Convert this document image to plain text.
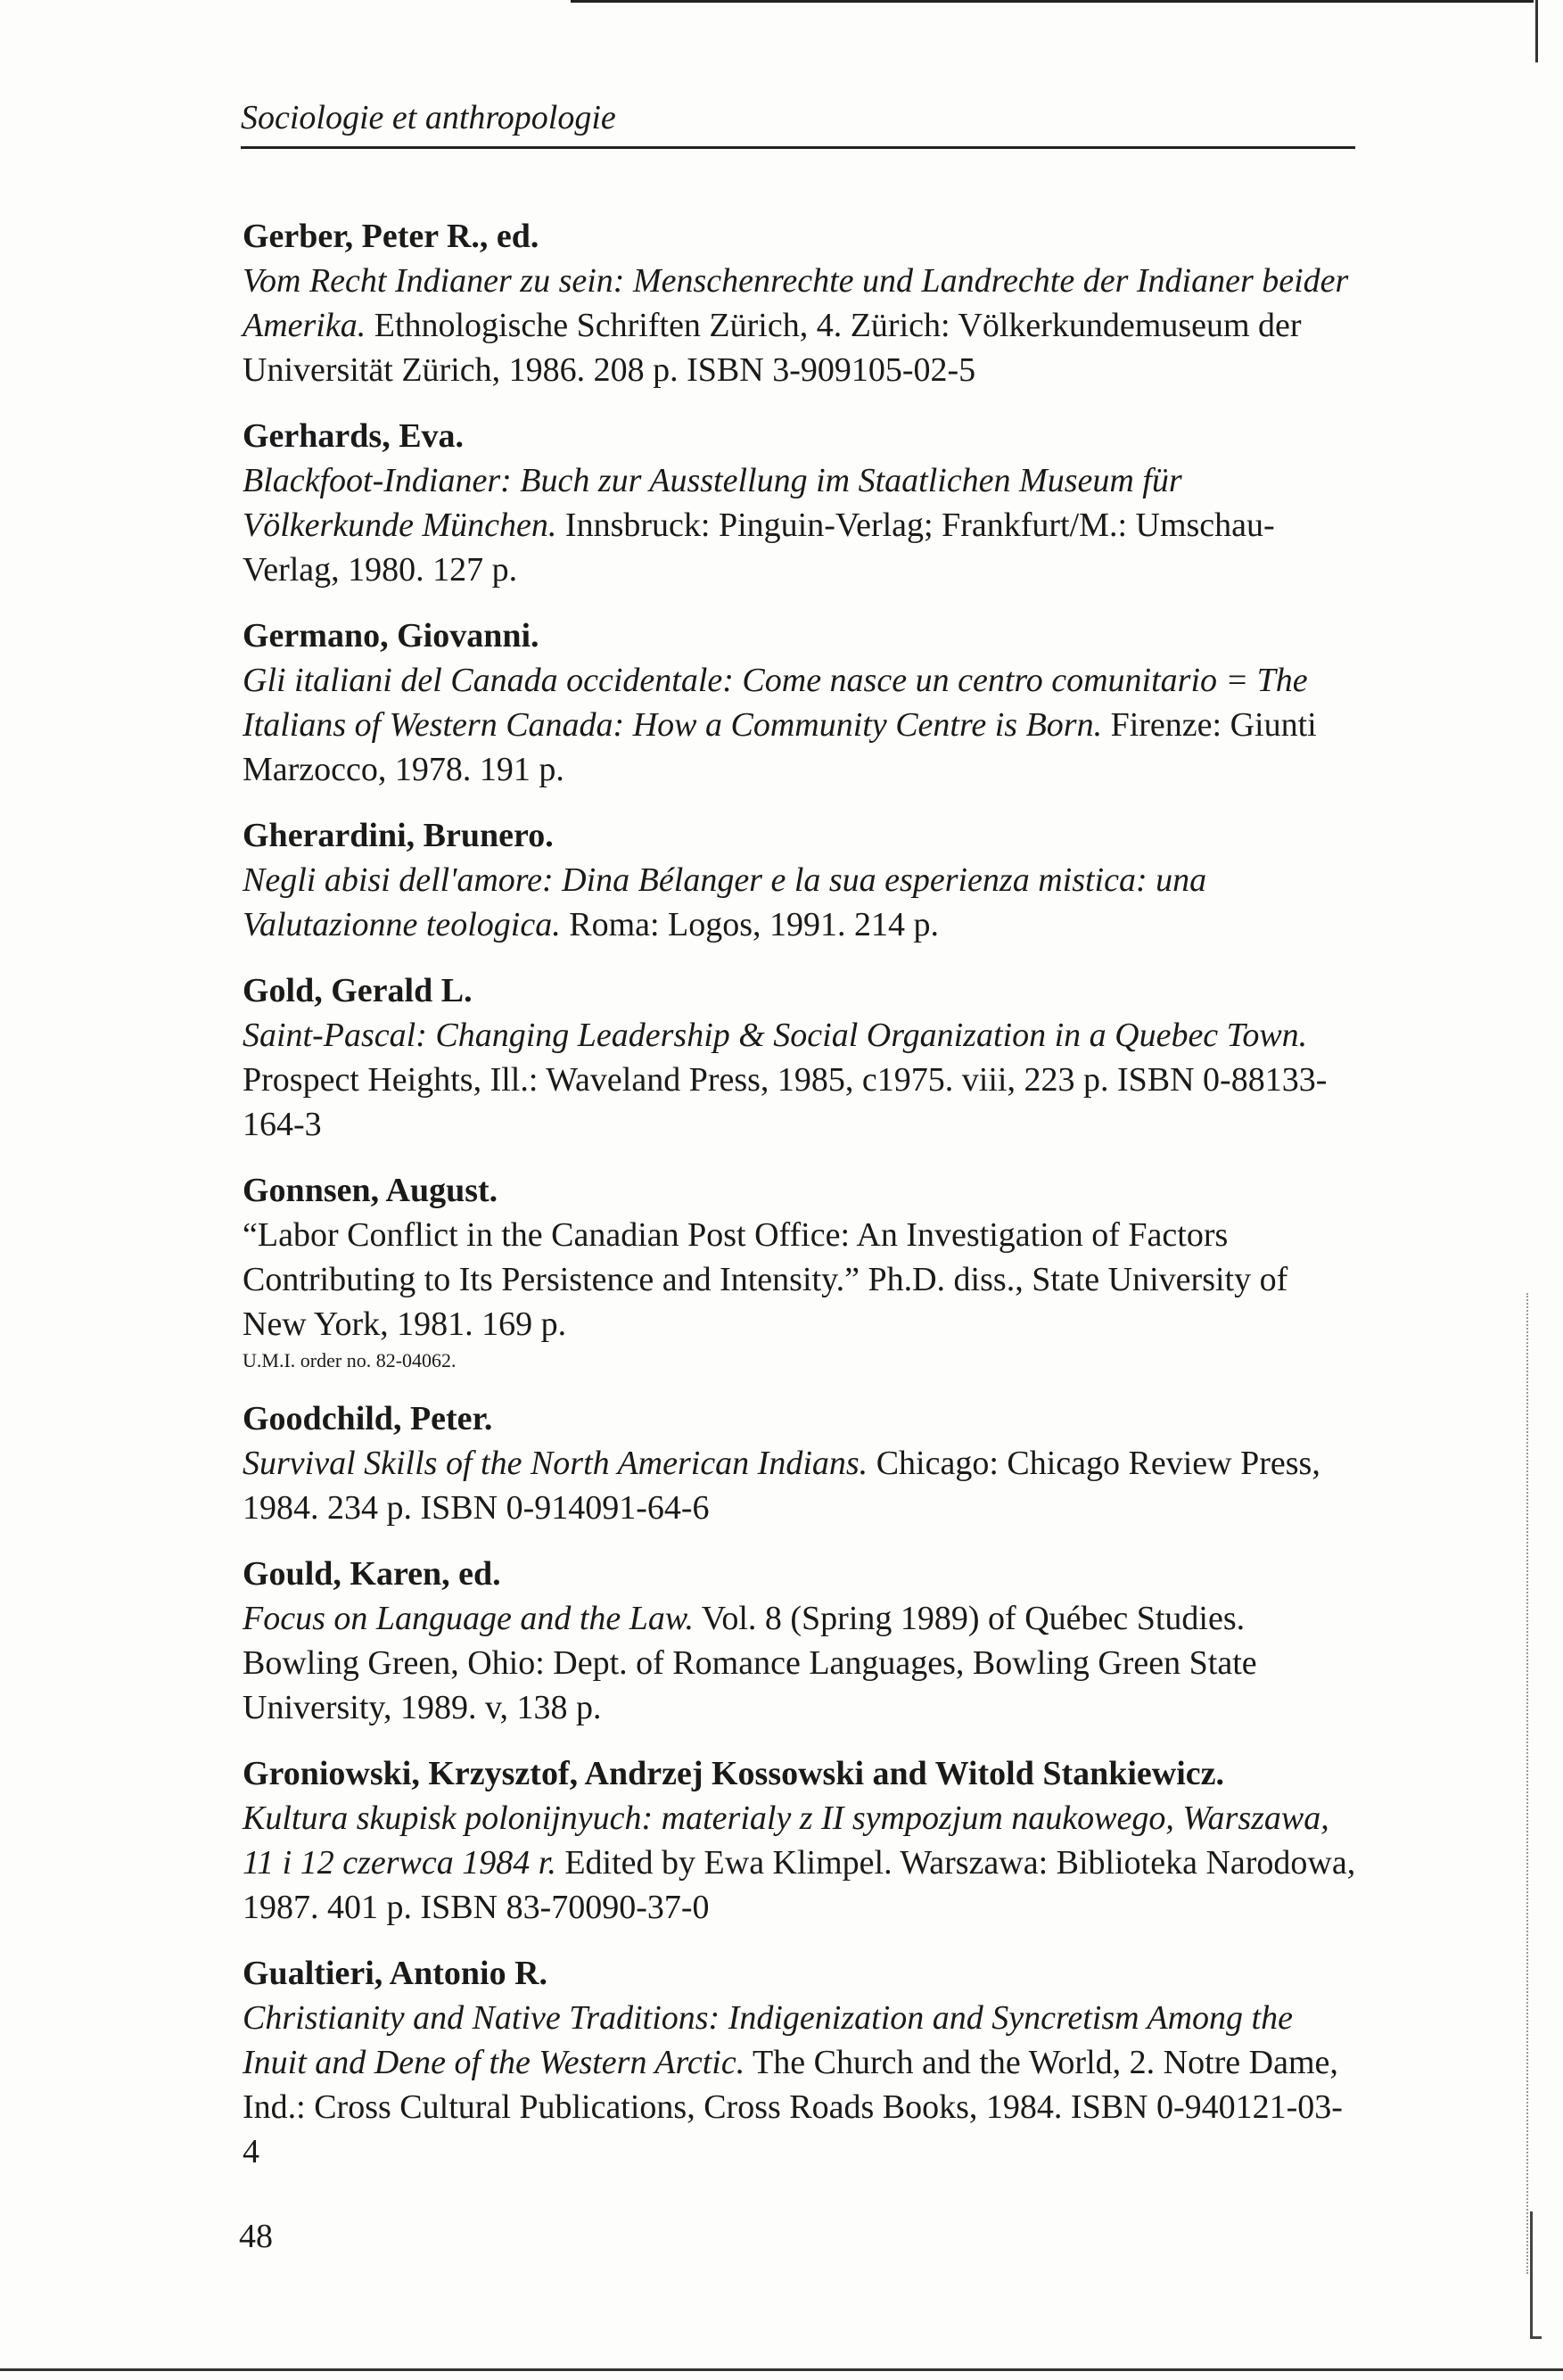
Sociologie et anthropologie

Gerber, Peter R., ed.

Vom Recht Indianer zu sein: Menschenrechte und Landrechte der Indianer beider Amerika. Ethnologische Schriften Zürich, 4. Zürich: Völkerkundemuseum der Universität Zürich, 1986. 208 p. ISBN 3-909105-02-5

Gerhards, Eva.

Blackfoot-Indianer: Buch zur Ausstellung im Staatlichen Museum für Völkerkunde München. Innsbruck: Pinguin-Verlag; Frankfurt/M.: Umschau-Verlag, 1980. 127 p.

Germano, Giovanni.

Gli italiani del Canada occidentale: Come nasce un centro comunitario = The Italians of Western Canada: How a Community Centre is Born. Firenze: Giunti Marzocco, 1978. 191 p.

Gherardini, Brunero.

Negli abisi dell'amore: Dina Bélanger e la sua esperienza mistica: una Valutazionne teologica. Roma: Logos, 1991. 214 p.

Gold, Gerald L.

Saint-Pascal: Changing Leadership & Social Organization in a Quebec Town. Prospect Heights, Ill.: Waveland Press, 1985, c1975. viii, 223 p. ISBN 0-88133-164-3

Gonnsen, August.

“Labor Conflict in the Canadian Post Office: An Investigation of Factors Contributing to Its Persistence and Intensity.” Ph.D. diss., State University of New York, 1981. 169 p.

U.M.I. order no. 82-04062.

Goodchild, Peter.

Survival Skills of the North American Indians. Chicago: Chicago Review Press, 1984. 234 p. ISBN 0-914091-64-6

Gould, Karen, ed.

Focus on Language and the Law. Vol. 8 (Spring 1989) of Québec Studies. Bowling Green, Ohio: Dept. of Romance Languages, Bowling Green State University, 1989. v, 138 p.

Groniowski, Krzysztof, Andrzej Kossowski and Witold Stankiewicz.

Kultura skupisk polonijnyuch: materialy z II sympozjum naukowego, Warszawa, 11 i 12 czerwca 1984 r. Edited by Ewa Klimpel. Warszawa: Biblioteka Narodowa, 1987. 401 p. ISBN 83-70090-37-0

Gualtieri, Antonio R.

Christianity and Native Traditions: Indigenization and Syncretism Among the Inuit and Dene of the Western Arctic. The Church and the World, 2. Notre Dame, Ind.: Cross Cultural Publications, Cross Roads Books, 1984. ISBN 0-940121-03-4

48
